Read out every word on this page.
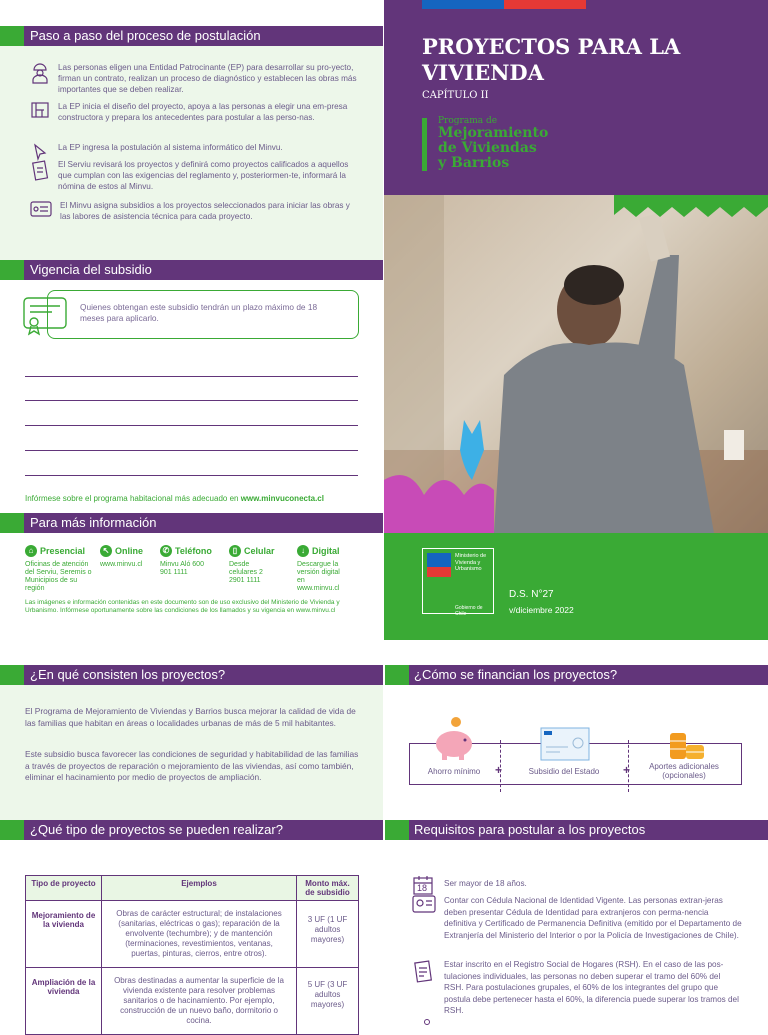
Paso a paso del proceso de postulación

Las personas eligen una Entidad Patrocinante (EP) para desarrollar su pro-yecto, firman un contrato, realizan un proceso de diagnóstico y establecen las obras más importantes que se deben realizar.

La EP inicia el diseño del proyecto, apoya a las personas a elegir una em-presa constructora y prepara los antecedentes para postular a las perso-nas.

La EP ingresa la postulación al sistema informático del Minvu.

El Serviu revisará los proyectos y definirá como proyectos calificados a aquellos que cumplan con las exigencias del reglamento y, posteriormen-te, informará la nómina de estos al Minvu.

El Minvu asigna subsidios a los proyectos seleccionados para iniciar las obras y las labores de asistencia técnica para cada proyecto.

Vigencia del subsidio
Quienes obtengan este subsidio tendrán un plazo máximo de 18 meses para aplicarlo.
Infórmese sobre el programa habitacional más adecuado en www.minvuconecta.cl
Para más información
⌂ Presencial
Oficinas de atención del Serviu, Seremis o Municipios de su región
↖ Online
www.minvu.cl
✆ Teléfono
Minvu Aló 600 901 1111
▯ Celular
Desde celulares 2 2901 1111
↓ Digital
Descargue la versión digital en www.minvu.cl
Las imágenes e información contenidas en este documento son de uso exclusivo del Ministerio de Vivienda y Urbanismo. Infórmese oportunamente sobre las condiciones de los llamados y su vigencia en www.minvu.cl
PROYECTOS PARA LA
VIVIENDA
CAPÍTULO II
Programa de
Mejoramiento
de Viviendas
y Barrios
Ministerio de Vivienda y Urbanismo
Gobierno de Chile
D.S. N°27
v/diciembre 2022
¿En qué consisten los proyectos?
El Programa de Mejoramiento de Viviendas y Barrios busca mejorar la calidad de vida de las familias que habitan en áreas o localidades urbanas de más de 5 mil habitantes.
Este subsidio busca favorecer las condiciones de seguridad y habitabilidad de las familias a través de proyectos de reparación o mejoramiento de las viviendas, así como también, eliminar el hacinamiento por medio de proyectos de ampliación.
¿Qué tipo de proyectos se pueden realizar?
Tipo de proyecto	Ejemplos	Monto máx. de subsidio
Mejoramiento de la vivienda	Obras de carácter estructural; de instalaciones (sanitarias, eléctricas o gas); reparación de la envolvente (techumbre); y de mantención (terminaciones, revestimientos, ventanas, puertas, pinturas, cierros, entre otros).	3 UF (1 UF adultos mayores)
Ampliación de la vivienda	Obras destinadas a aumentar la superficie de la vivienda existente para resolver problemas sanitarios o de hacinamiento. Por ejemplo, construcción de un nuevo baño, dormitorio o cocina.	5 UF (3 UF adultos mayores)
¿Cómo se financian los proyectos?
+	+
Ahorro mínimo	Subsidio del Estado
Aportes adicionales (opcionales)
Requisitos para postular a los proyectos
18 Ser mayor de 18 años.

Contar con Cédula Nacional de Identidad Vigente. Las personas extran-jeras deben presentar Cédula de Identidad para extranjeros con perma-nencia definitiva y Certificado de Permanencia Definitiva (emitido por el Departamento de Extranjería del Ministerio del Interior o por la Policía de Investigaciones de Chile).

Estar inscrito en el Registro Social de Hogares (RSH). En el caso de las pos-tulaciones individuales, las personas no deben superar el tramo del 60% del RSH. Para postulaciones grupales, el 60% de los integrantes del grupo que postula debe pertenecer hasta el 60%, la diferencia puede superar los tramos del RSH.
